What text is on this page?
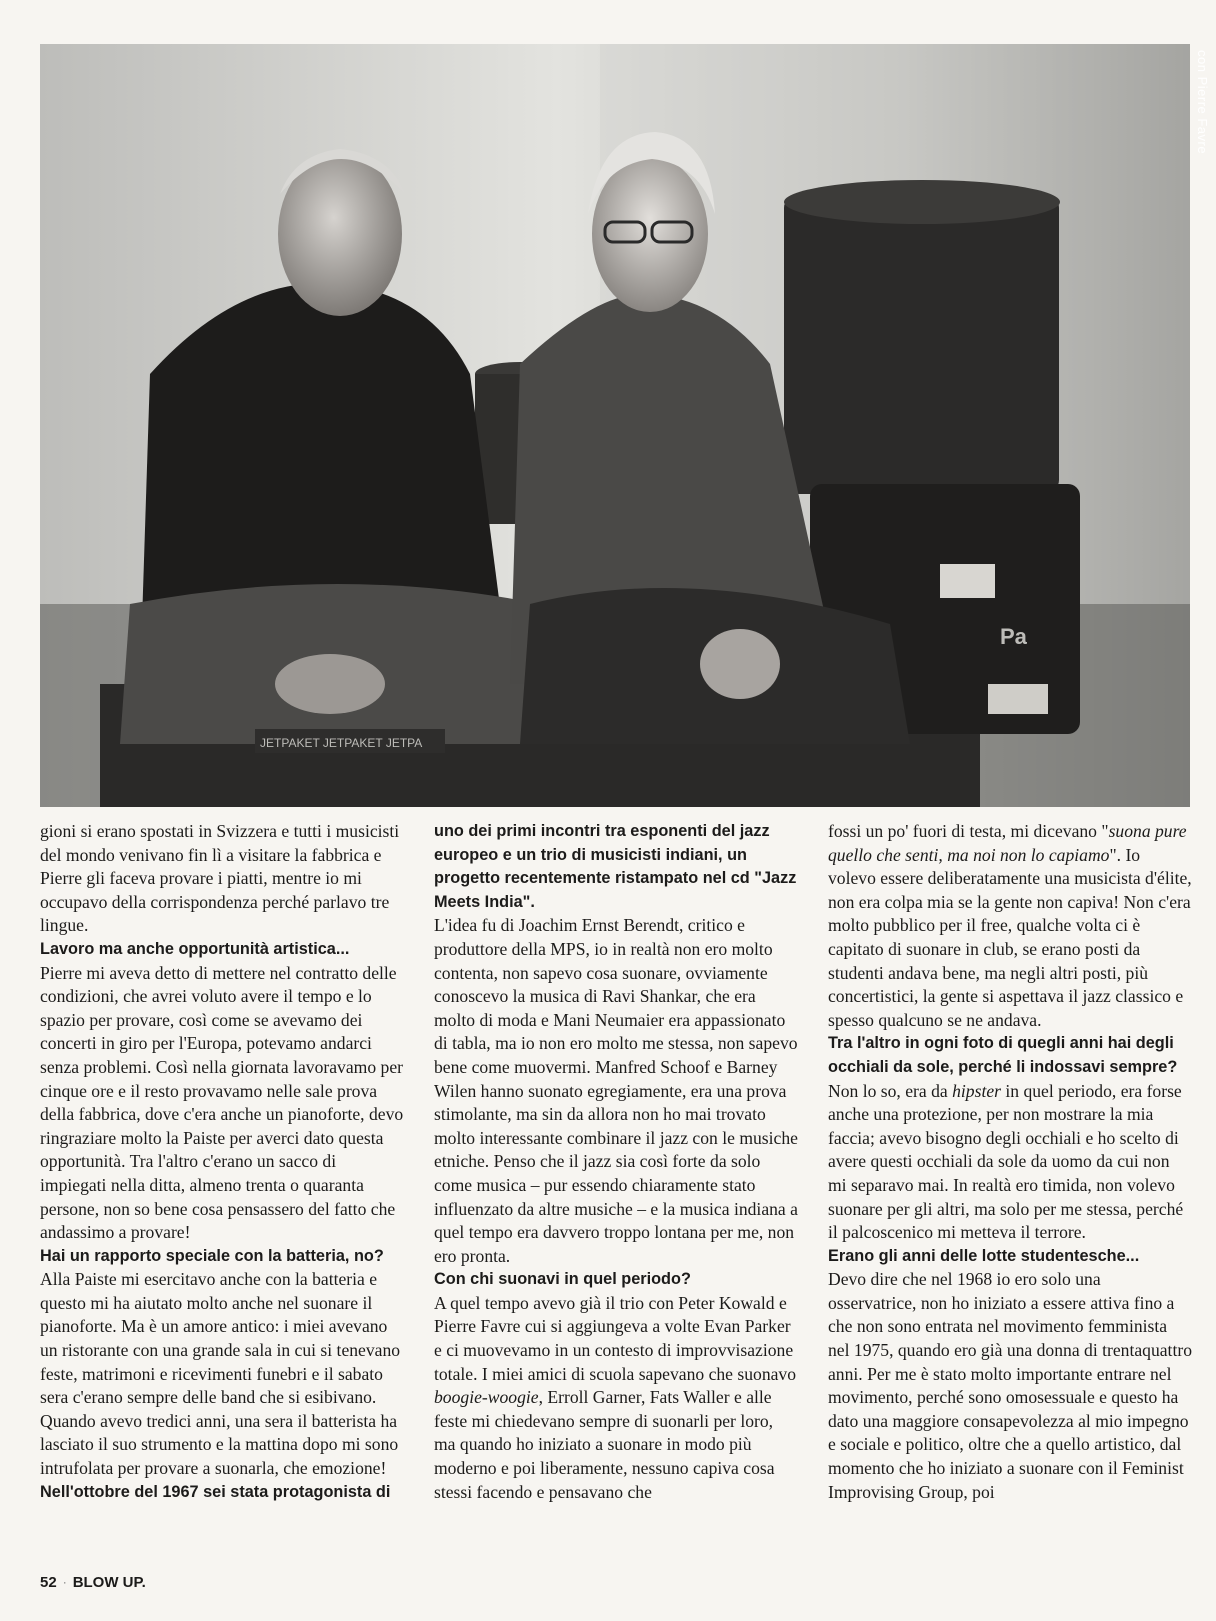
Pa
JETPAKET JETPAKET JETPA
con Pierre Favre

gioni si erano spostati in Svizzera e tutti i musicisti del mondo venivano fin lì a visitare la fabbrica e Pierre gli faceva provare i piatti, mentre io mi occupavo della corrispondenza perché parlavo tre lingue.

Lavoro ma anche opportunità artistica...

Pierre mi aveva detto di mettere nel contratto delle condizioni, che avrei voluto avere il tempo e lo spazio per provare, così come se avevamo dei concerti in giro per l'Europa, potevamo andarci senza problemi. Così nella giornata lavoravamo per cinque ore e il resto provavamo nelle sale prova della fabbrica, dove c'era anche un pianoforte, devo ringraziare molto la Paiste per averci dato questa opportunità. Tra l'altro c'erano un sacco di impiegati nella ditta, almeno trenta o quaranta persone, non so bene cosa pensassero del fatto che andassimo a provare!

Hai un rapporto speciale con la batteria, no?

Alla Paiste mi esercitavo anche con la batteria e questo mi ha aiutato molto anche nel suonare il pianoforte. Ma è un amore antico: i miei avevano un ristorante con una grande sala in cui si tenevano feste, matrimoni e ricevimenti funebri e il sabato sera c'erano sempre delle band che si esibivano. Quando avevo tredici anni, una sera il batterista ha lasciato il suo strumento e la mattina dopo mi sono intrufolata per provare a suonarla, che emozione!

Nell'ottobre del 1967 sei stata protagonista di

uno dei primi incontri tra esponenti del jazz europeo e un trio di musicisti indiani, un progetto recentemente ristampato nel cd "Jazz Meets India".

L'idea fu di Joachim Ernst Berendt, critico e produttore della MPS, io in realtà non ero molto contenta, non sapevo cosa suonare, ovviamente conoscevo la musica di Ravi Shankar, che era molto di moda e Mani Neumaier era appassionato di tabla, ma io non ero molto me stessa, non sapevo bene come muovermi. Manfred Schoof e Barney Wilen hanno suonato egregiamente, era una prova stimolante, ma sin da allora non ho mai trovato molto interessante combinare il jazz con le musiche etniche. Penso che il jazz sia così forte da solo come musica – pur essendo chiaramente stato influenzato da altre musiche – e la musica indiana a quel tempo era davvero troppo lontana per me, non ero pronta.

Con chi suonavi in quel periodo?

A quel tempo avevo già il trio con Peter Kowald e Pierre Favre cui si aggiungeva a volte Evan Parker e ci muovevamo in un contesto di improvvisazione totale. I miei amici di scuola sapevano che suonavo boogie-woogie, Erroll Garner, Fats Waller e alle feste mi chiedevano sempre di suonarli per loro, ma quando ho iniziato a suonare in modo più moderno e poi liberamente, nessuno capiva cosa stessi facendo e pensavano che

fossi un po' fuori di testa, mi dicevano "suona pure quello che senti, ma noi non lo capiamo". Io volevo essere deliberatamente una musicista d'élite, non era colpa mia se la gente non capiva! Non c'era molto pubblico per il free, qualche volta ci è capitato di suonare in club, se erano posti da studenti andava bene, ma negli altri posti, più concertistici, la gente si aspettava il jazz classico e spesso qualcuno se ne andava.

Tra l'altro in ogni foto di quegli anni hai degli occhiali da sole, perché li indossavi sempre?

Non lo so, era da hipster in quel periodo, era forse anche una protezione, per non mostrare la mia faccia; avevo bisogno degli occhiali e ho scelto di avere questi occhiali da sole da uomo da cui non mi separavo mai. In realtà ero timida, non volevo suonare per gli altri, ma solo per me stessa, perché il palcoscenico mi metteva il terrore.

Erano gli anni delle lotte studentesche...

Devo dire che nel 1968 io ero solo una osservatrice, non ho iniziato a essere attiva fino a che non sono entrata nel movimento femminista nel 1975, quando ero già una donna di trentaquattro anni. Per me è stato molto importante entrare nel movimento, perché sono omosessuale e questo ha dato una maggiore consapevolezza al mio impegno e sociale e politico, oltre che a quello artistico, dal momento che ho iniziato a suonare con il Feminist Improvising Group, poi

52 · BLOW UP.
